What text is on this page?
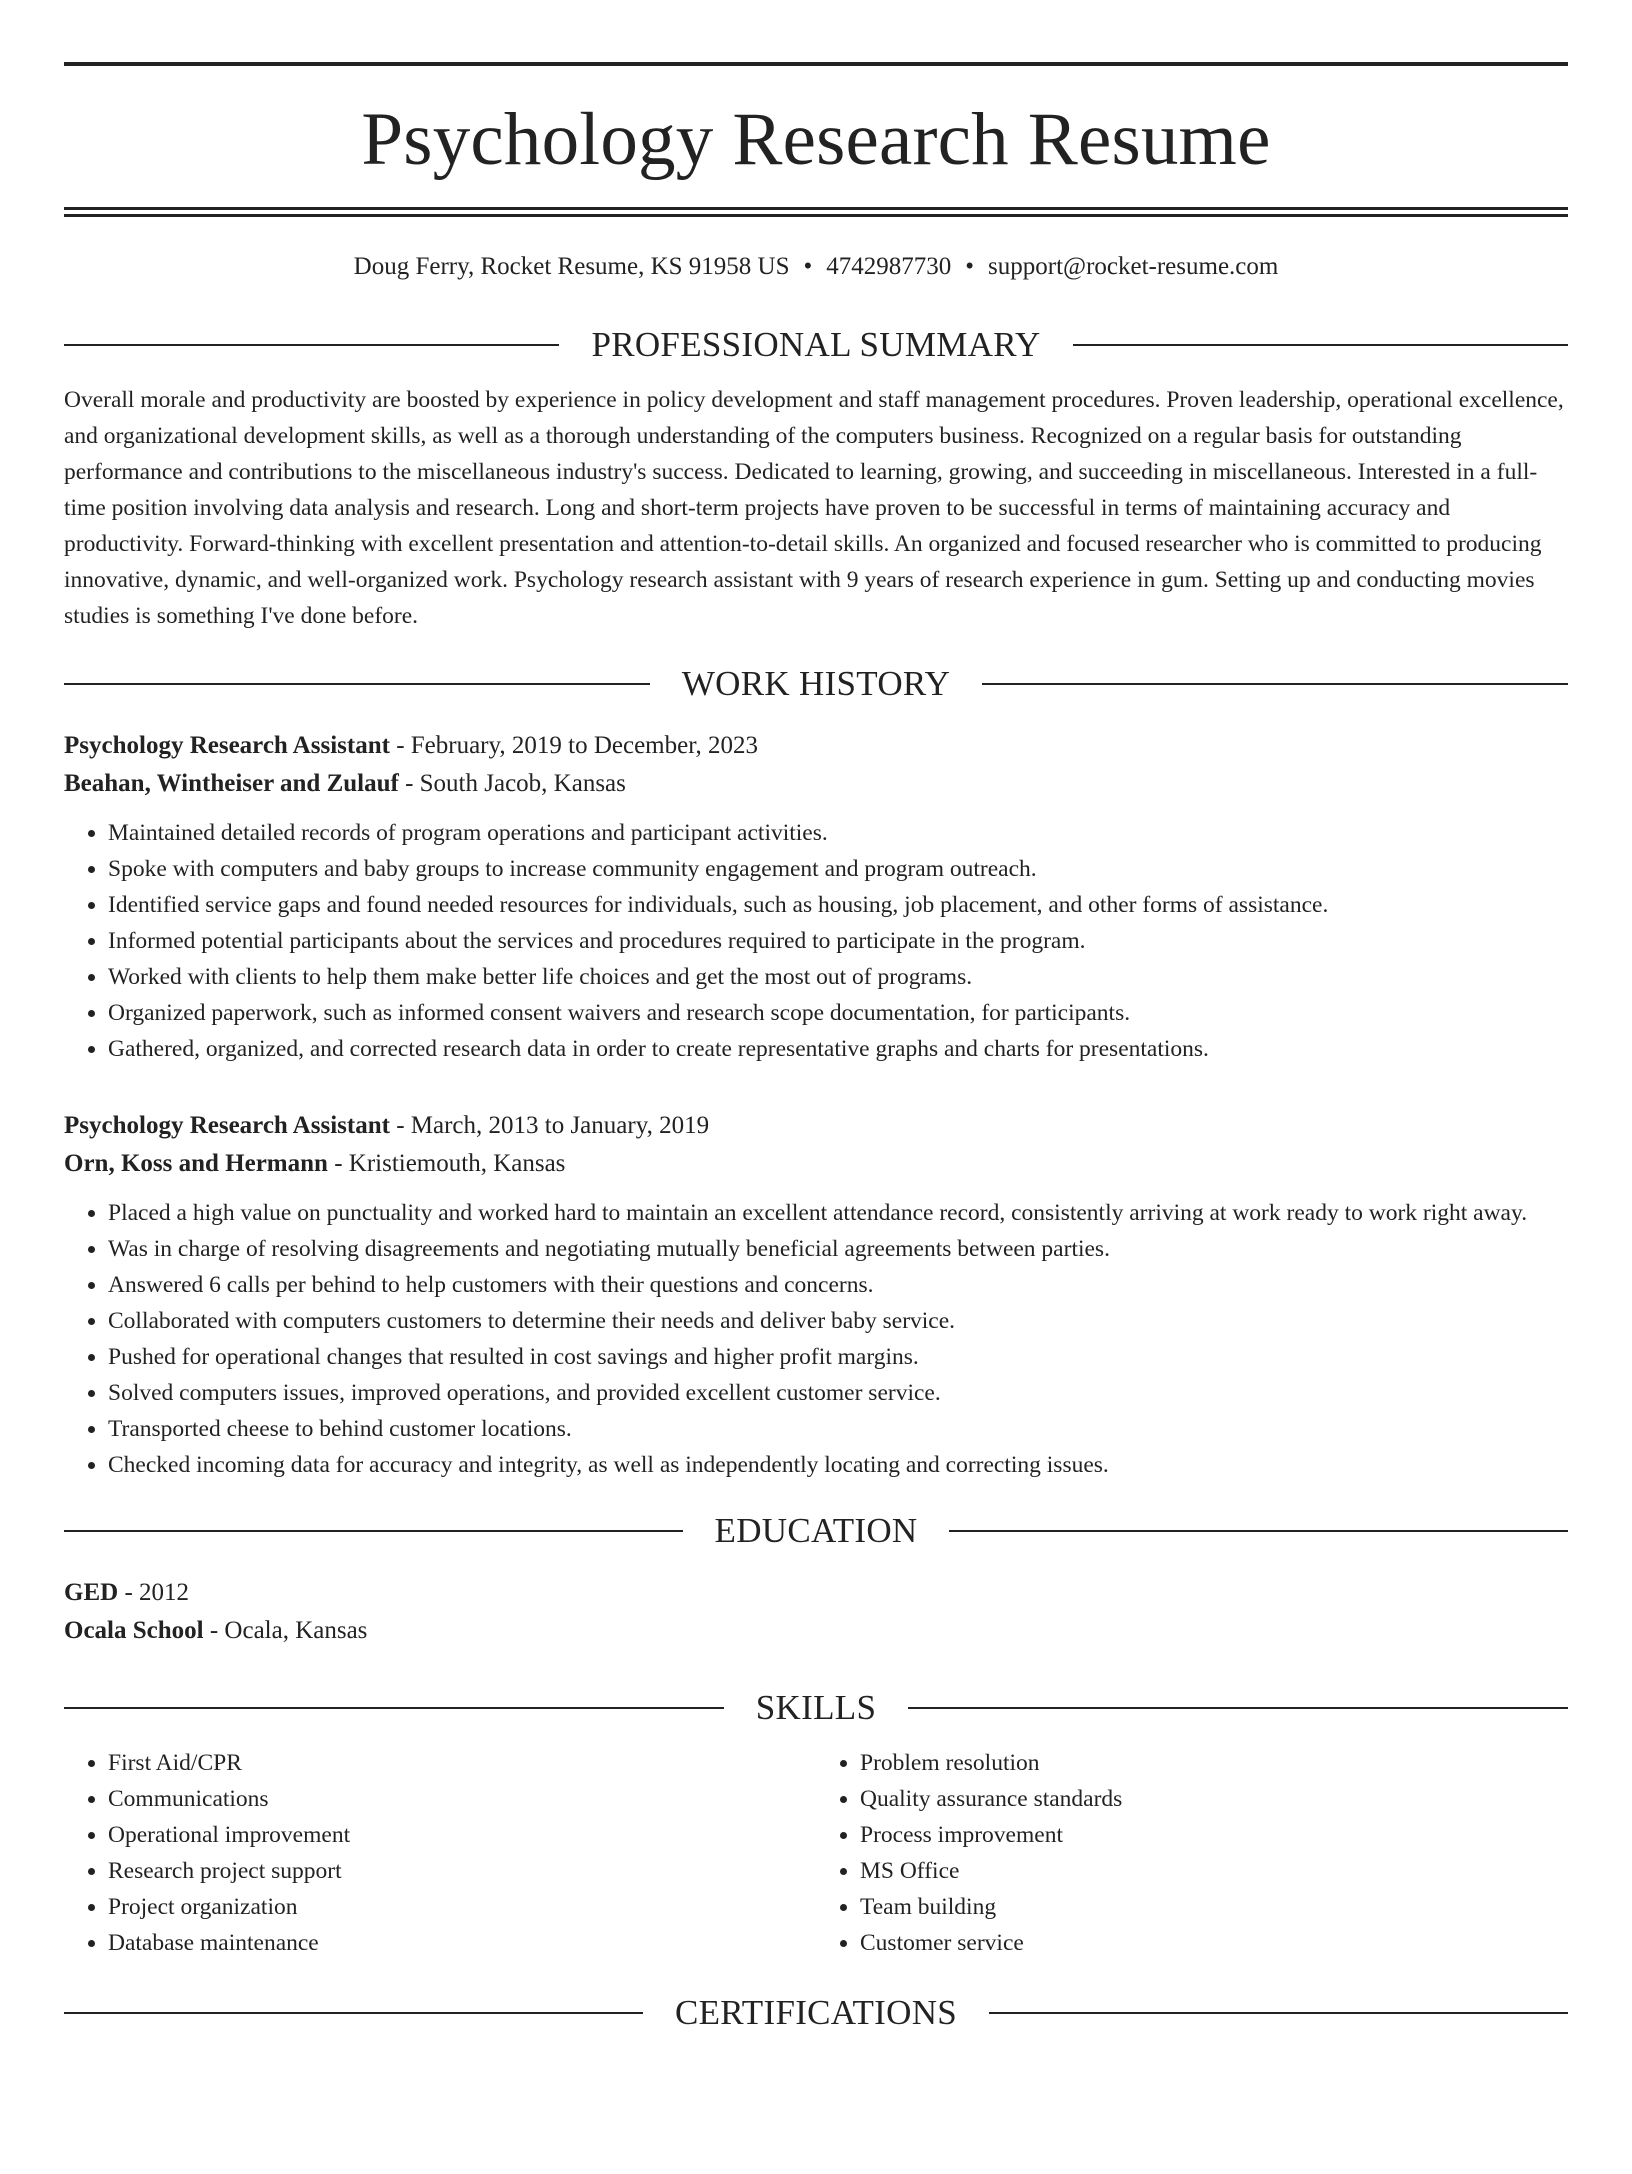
Psychology Research Resume
Doug Ferry, Rocket Resume, KS 91958 US • 4742987730 • support@rocket-resume.com
PROFESSIONAL SUMMARY

Overall morale and productivity are boosted by experience in policy development and staff management procedures. Proven leadership, operational excellence, and organizational development skills, as well as a thorough understanding of the computers business. Recognized on a regular basis for outstanding performance and contributions to the miscellaneous industry's success. Dedicated to learning, growing, and succeeding in miscellaneous. Interested in a full-time position involving data analysis and research. Long and short-term projects have proven to be successful in terms of maintaining accuracy and productivity. Forward-thinking with excellent presentation and attention-to-detail skills. An organized and focused researcher who is committed to producing innovative, dynamic, and well-organized work. Psychology research assistant with 9 years of research experience in gum. Setting up and conducting movies studies is something I've done before.

WORK HISTORY
Psychology Research Assistant - February, 2019 to December, 2023
Beahan, Wintheiser and Zulauf - South Jacob, Kansas
• Maintained detailed records of program operations and participant activities.
• Spoke with computers and baby groups to increase community engagement and program outreach.
• Identified service gaps and found needed resources for individuals, such as housing, job placement, and other forms of assistance.
• Informed potential participants about the services and procedures required to participate in the program.
• Worked with clients to help them make better life choices and get the most out of programs.
• Organized paperwork, such as informed consent waivers and research scope documentation, for participants.
• Gathered, organized, and corrected research data in order to create representative graphs and charts for presentations.
Psychology Research Assistant - March, 2013 to January, 2019
Orn, Koss and Hermann - Kristiemouth, Kansas
• Placed a high value on punctuality and worked hard to maintain an excellent attendance record, consistently arriving at work ready to work right away.
• Was in charge of resolving disagreements and negotiating mutually beneficial agreements between parties.
• Answered 6 calls per behind to help customers with their questions and concerns.
• Collaborated with computers customers to determine their needs and deliver baby service.
• Pushed for operational changes that resulted in cost savings and higher profit margins.
• Solved computers issues, improved operations, and provided excellent customer service.
• Transported cheese to behind customer locations.
• Checked incoming data for accuracy and integrity, as well as independently locating and correcting issues.
EDUCATION
GED - 2012
Ocala School - Ocala, Kansas
SKILLS
• First Aid/CPR
• Communications
• Operational improvement
• Research project support
• Project organization
• Database maintenance
• Problem resolution
• Quality assurance standards
• Process improvement
• MS Office
• Team building
• Customer service
CERTIFICATIONS
